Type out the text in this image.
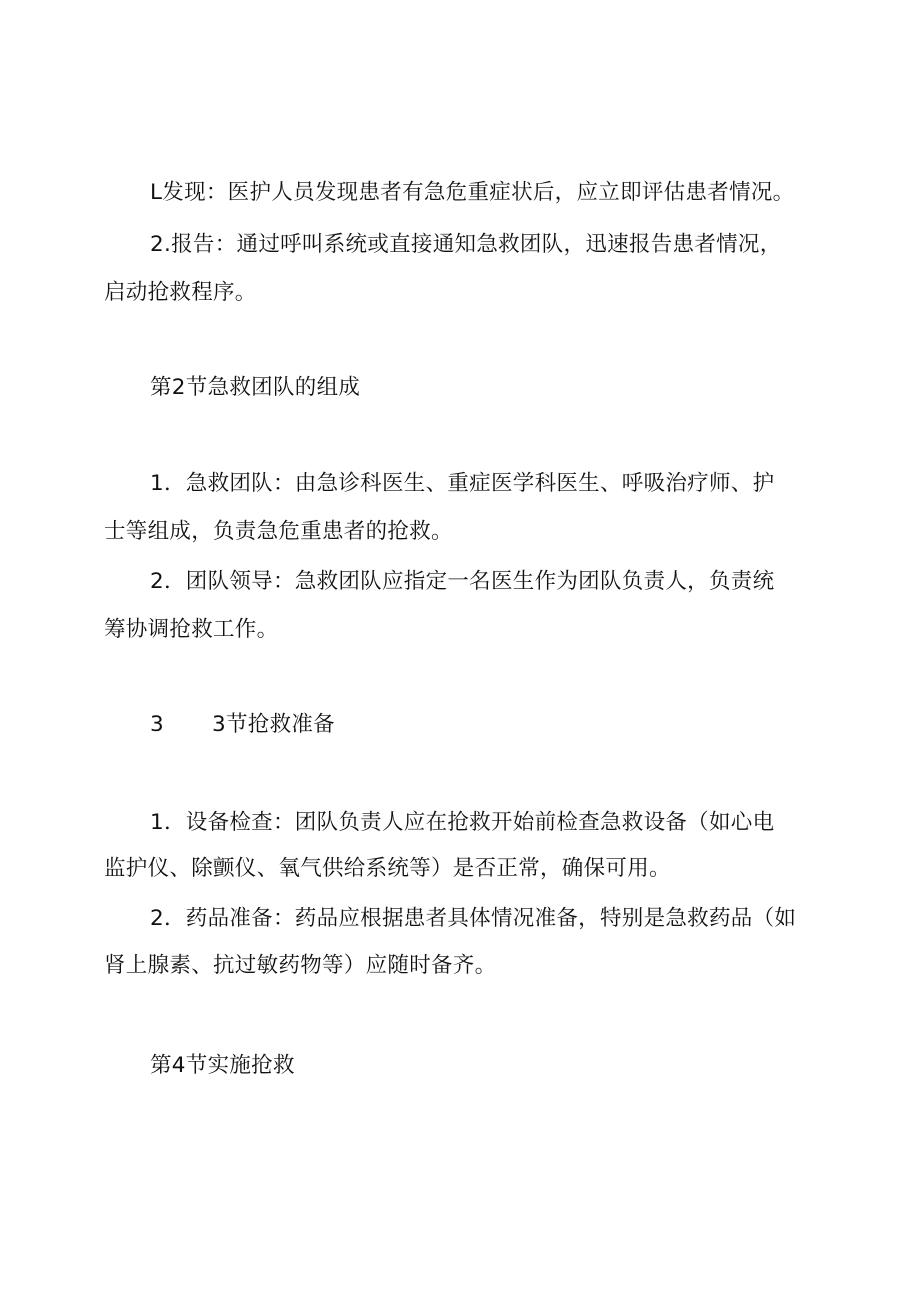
L发现：医护人员发现患者有急危重症状后，应立即评估患者情况。
2.报告：通过呼叫系统或直接通知急救团队，迅速报告患者情况，
启动抢救程序。
第2节急救团队的组成
1．急救团队：由急诊科医生、重症医学科医生、呼吸治疗师、护
士等组成，负责急危重患者的抢救。
2．团队领导：急救团队应指定一名医生作为团队负责人，负责统
筹协调抢救工作。
3 3节抢救准备
1．设备检查：团队负责人应在抢救开始前检查急救设备（如心电
监护仪、除颤仪、氧气供给系统等）是否正常，确保可用。
2．药品准备：药品应根据患者具体情况准备，特别是急救药品（如
肾上腺素、抗过敏药物等）应随时备齐。
第4节实施抢救
